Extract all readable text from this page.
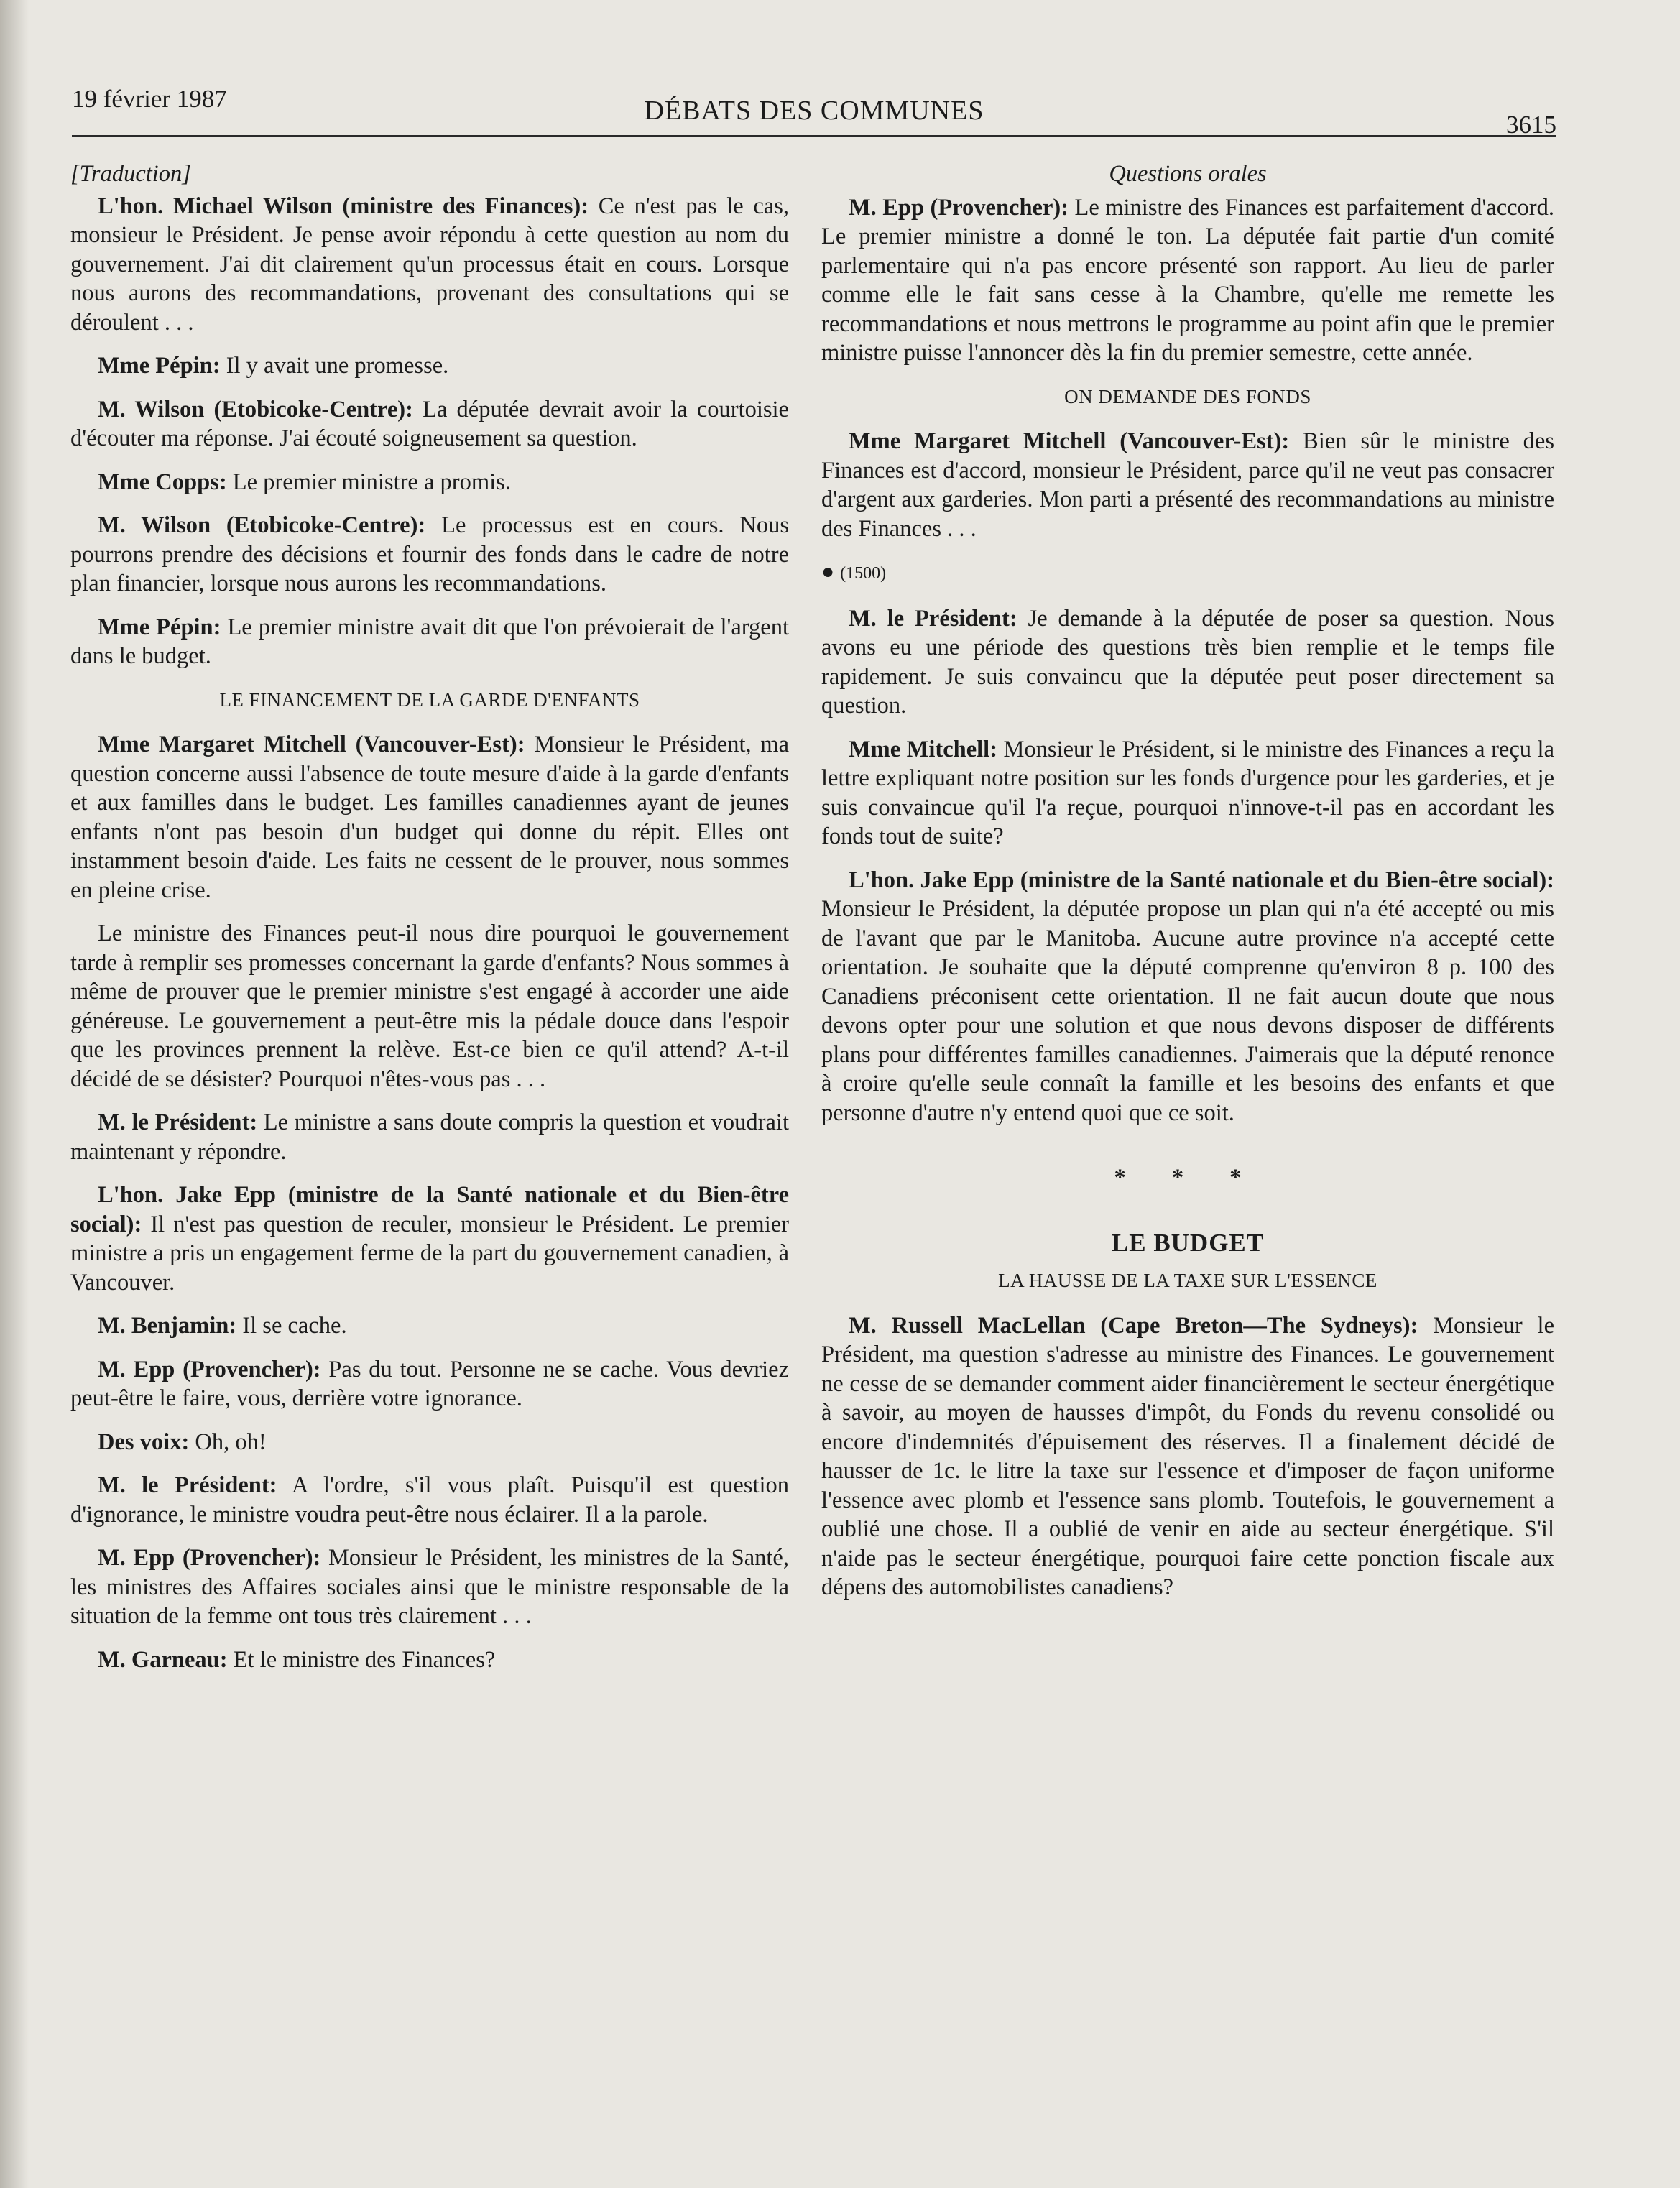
19 février 1987	DÉBATS DES COMMUNES	3615

[Traduction]

L'hon. Michael Wilson (ministre des Finances): Ce n'est pas le cas, monsieur le Président. Je pense avoir répondu à cette question au nom du gouvernement. J'ai dit clairement qu'un processus était en cours. Lorsque nous aurons des recommandations, provenant des consultations qui se déroulent . . .

Mme Pépin: Il y avait une promesse.

M. Wilson (Etobicoke-Centre): La députée devrait avoir la courtoisie d'écouter ma réponse. J'ai écouté soigneusement sa question.

Mme Copps: Le premier ministre a promis.

M. Wilson (Etobicoke-Centre): Le processus est en cours. Nous pourrons prendre des décisions et fournir des fonds dans le cadre de notre plan financier, lorsque nous aurons les recommandations.

Mme Pépin: Le premier ministre avait dit que l'on prévoierait de l'argent dans le budget.

LE FINANCEMENT DE LA GARDE D'ENFANTS

Mme Margaret Mitchell (Vancouver-Est): Monsieur le Président, ma question concerne aussi l'absence de toute mesure d'aide à la garde d'enfants et aux familles dans le budget. Les familles canadiennes ayant de jeunes enfants n'ont pas besoin d'un budget qui donne du répit. Elles ont instamment besoin d'aide. Les faits ne cessent de le prouver, nous sommes en pleine crise.

Le ministre des Finances peut-il nous dire pourquoi le gouvernement tarde à remplir ses promesses concernant la garde d'enfants? Nous sommes à même de prouver que le premier ministre s'est engagé à accorder une aide généreuse. Le gouvernement a peut-être mis la pédale douce dans l'espoir que les provinces prennent la relève. Est-ce bien ce qu'il attend? A-t-il décidé de se désister? Pourquoi n'êtes-vous pas . . .

M. le Président: Le ministre a sans doute compris la question et voudrait maintenant y répondre.

L'hon. Jake Epp (ministre de la Santé nationale et du Bien-être social): Il n'est pas question de reculer, monsieur le Président. Le premier ministre a pris un engagement ferme de la part du gouvernement canadien, à Vancouver.

M. Benjamin: Il se cache.

M. Epp (Provencher): Pas du tout. Personne ne se cache. Vous devriez peut-être le faire, vous, derrière votre ignorance.

Des voix: Oh, oh!

M. le Président: A l'ordre, s'il vous plaît. Puisqu'il est question d'ignorance, le ministre voudra peut-être nous éclairer. Il a la parole.

M. Epp (Provencher): Monsieur le Président, les ministres de la Santé, les ministres des Affaires sociales ainsi que le ministre responsable de la situation de la femme ont tous très clairement . . .

M. Garneau: Et le ministre des Finances?

Questions orales

M. Epp (Provencher): Le ministre des Finances est parfaitement d'accord. Le premier ministre a donné le ton. La députée fait partie d'un comité parlementaire qui n'a pas encore présenté son rapport. Au lieu de parler comme elle le fait sans cesse à la Chambre, qu'elle me remette les recommandations et nous mettrons le programme au point afin que le premier ministre puisse l'annoncer dès la fin du premier semestre, cette année.

ON DEMANDE DES FONDS

Mme Margaret Mitchell (Vancouver-Est): Bien sûr le ministre des Finances est d'accord, monsieur le Président, parce qu'il ne veut pas consacrer d'argent aux garderies. Mon parti a présenté des recommandations au ministre des Finances . . .

● (1500)

M. le Président: Je demande à la députée de poser sa question. Nous avons eu une période des questions très bien remplie et le temps file rapidement. Je suis convaincu que la députée peut poser directement sa question.

Mme Mitchell: Monsieur le Président, si le ministre des Finances a reçu la lettre expliquant notre position sur les fonds d'urgence pour les garderies, et je suis convaincue qu'il l'a reçue, pourquoi n'innove-t-il pas en accordant les fonds tout de suite?

L'hon. Jake Epp (ministre de la Santé nationale et du Bien-être social): Monsieur le Président, la députée propose un plan qui n'a été accepté ou mis de l'avant que par le Manitoba. Aucune autre province n'a accepté cette orientation. Je souhaite que la député comprenne qu'environ 8 p. 100 des Canadiens préconisent cette orientation. Il ne fait aucun doute que nous devons opter pour une solution et que nous devons disposer de différents plans pour différentes familles canadiennes. J'aimerais que la député renonce à croire qu'elle seule connaît la famille et les besoins des enfants et que personne d'autre n'y entend quoi que ce soit.

* * *

LE BUDGET

LA HAUSSE DE LA TAXE SUR L'ESSENCE

M. Russell MacLellan (Cape Breton—The Sydneys): Monsieur le Président, ma question s'adresse au ministre des Finances. Le gouvernement ne cesse de se demander comment aider financièrement le secteur énergétique à savoir, au moyen de hausses d'impôt, du Fonds du revenu consolidé ou encore d'indemnités d'épuisement des réserves. Il a finalement décidé de hausser de 1c. le litre la taxe sur l'essence et d'imposer de façon uniforme l'essence avec plomb et l'essence sans plomb. Toutefois, le gouvernement a oublié une chose. Il a oublié de venir en aide au secteur énergétique. S'il n'aide pas le secteur énergétique, pourquoi faire cette ponction fiscale aux dépens des automobilistes canadiens?
